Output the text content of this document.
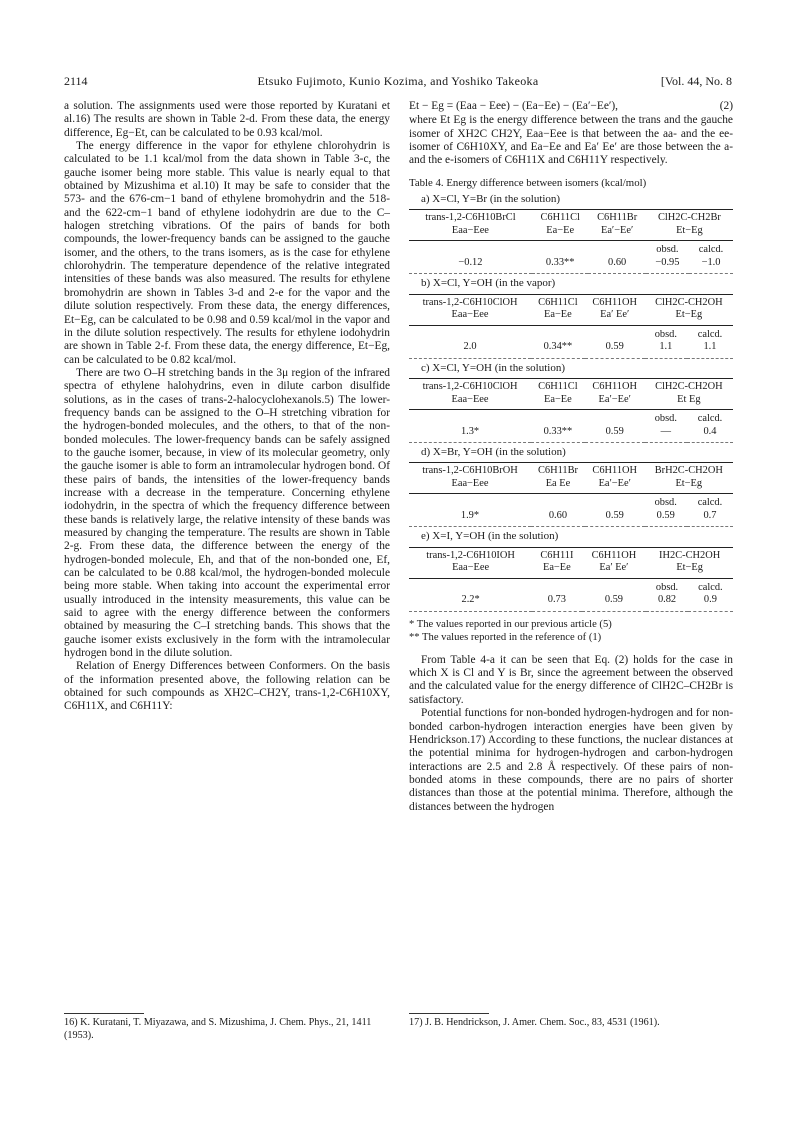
2114	Etsuko Fujimoto, Kunio Kozima, and Yoshiko Takeoka	[Vol. 44, No. 8

a solution. The assignments used were those reported by Kuratani et al.16) The results are shown in Table 2-d. From these data, the energy difference, Eg−Et, can be calculated to be 0.93 kcal/mol.

The energy difference in the vapor for ethylene chlorohydrin is calculated to be 1.1 kcal/mol from the data shown in Table 3-c, the gauche isomer being more stable. This value is nearly equal to that obtained by Mizushima et al.10) It may be safe to consider that the 573- and the 676-cm−1 band of ethylene bromohydrin and the 518- and the 622-cm−1 band of ethylene iodohydrin are due to the C–halogen stretching vibrations. Of the pairs of bands for both compounds, the lower-frequency bands can be assigned to the gauche isomer, and the others, to the trans isomers, as is the case for ethylene chlorohydrin. The temperature dependence of the relative integrated intensities of these bands was also measured. The results for ethylene bromohydrin are shown in Tables 3-d and 2-e for the vapor and the dilute solution respectively. From these data, the energy differences, Et−Eg, can be calculated to be 0.98 and 0.59 kcal/mol in the vapor and in the dilute solution respectively. The results for ethylene iodohydrin are shown in Table 2-f. From these data, the energy difference, Et−Eg, can be calculated to be 0.82 kcal/mol.

There are two O–H stretching bands in the 3μ region of the infrared spectra of ethylene halohydrins, even in dilute carbon disulfide solutions, as in the cases of trans-2-halocyclohexanols.5) The lower-frequency bands can be assigned to the O–H stretching vibration for the hydrogen-bonded molecules, and the others, to that of the non-bonded molecules. The lower-frequency bands can be safely assigned to the gauche isomer, because, in view of its molecular geometry, only the gauche isomer is able to form an intramolecular hydrogen bond. Of these pairs of bands, the intensities of the lower-frequency bands increase with a decrease in the temperature. Concerning ethylene iodohydrin, in the spectra of which the frequency difference between these bands is relatively large, the relative intensity of these bands was measured by changing the temperature. The results are shown in Table 2-g. From these data, the difference between the energy of the hydrogen-bonded molecule, Eh, and that of the non-bonded one, Ef, can be calculated to be 0.88 kcal/mol, the hydrogen-bonded molecule being more stable. When taking into account the experimental error usually introduced in the intensity measurements, this value can be said to agree with the energy difference between the conformers obtained by measuring the C–I stretching bands. This shows that the gauche isomer exists exclusively in the form with the intramolecular hydrogen bond in the dilute solution.

Relation of Energy Differences between Conformers. On the basis of the information presented above, the following relation can be obtained for such compounds as XH2C–CH2Y, trans-1,2-C6H10XY, C6H11X, and C6H11Y:

Et − Eg = (Eaa − Eee) − (Ea−Ee) − (Ea′−Ee′),	(2)

where Et Eg is the energy difference between the trans and the gauche isomer of XH2C CH2Y, Eaa−Eee is that between the aa- and the ee-isomer of C6H10XY, and Ea−Ee and Ea′ Ee′ are those between the a- and the e-isomers of C6H11X and C6H11Y respectively.

Table 4. Energy difference between isomers (kcal/mol)
a) X=Cl, Y=Br (in the solution)
trans-1,2-C6H10BrCl	C6H11Cl	C6H11Br	ClH2C-CH2Br	
Eaa−Eee	Ea−Ee	Ea′−Ee′	Et−Eg	
			obsd.	calcd.
−0.12	0.33**	0.60	−0.95	−1.0
b) X=Cl, Y=OH (in the vapor)
trans-1,2-C6H10ClOH	C6H11Cl	C6H11OH	ClH2C-CH2OH	
Eaa−Eee	Ea−Ee	Ea′ Ee′	Et−Eg	
			obsd.	calcd.
2.0	0.34**	0.59	1.1	1.1
c) X=Cl, Y=OH (in the solution)
trans-1,2-C6H10ClOH	C6H11Cl	C6H11OH	ClH2C-CH2OH	
Eaa−Eee	Ea−Ee	Ea′−Ee′	Et Eg	
			obsd.	calcd.
1.3*	0.33**	0.59	—	0.4
d) X=Br, Y=OH (in the solution)
trans-1,2-C6H10BrOH	C6H11Br	C6H11OH	BrH2C-CH2OH	
Eaa−Eee	Ea Ee	Ea′−Ee′	Et−Eg	
			obsd.	calcd.
1.9*	0.60	0.59	0.59	0.7
e) X=I, Y=OH (in the solution)
trans-1,2-C6H10IOH	C6H11I	C6H11OH	IH2C-CH2OH	
Eaa−Eee	Ea−Ee	Ea′ Ee′	Et−Eg	
			obsd.	calcd.
2.2*	0.73	0.59	0.82	0.9
* The values reported in our previous article (5)
** The values reported in the reference of (1)

From Table 4-a it can be seen that Eq. (2) holds for the case in which X is Cl and Y is Br, since the agreement between the observed and the calculated value for the energy difference of ClH2C–CH2Br is satisfactory.

Potential functions for non-bonded hydrogen-hydrogen and for non-bonded carbon-hydrogen interaction energies have been given by Hendrickson.17) According to these functions, the nuclear distances at the potential minima for hydrogen-hydrogen and carbon-hydrogen interactions are 2.5 and 2.8 Å respectively. Of these pairs of non-bonded atoms in these compounds, there are no pairs of shorter distances than those at the potential minima. Therefore, although the distances between the hydrogen

16) K. Kuratani, T. Miyazawa, and S. Mizushima, J. Chem. Phys., 21, 1411 (1953).
17) J. B. Hendrickson, J. Amer. Chem. Soc., 83, 4531 (1961).
